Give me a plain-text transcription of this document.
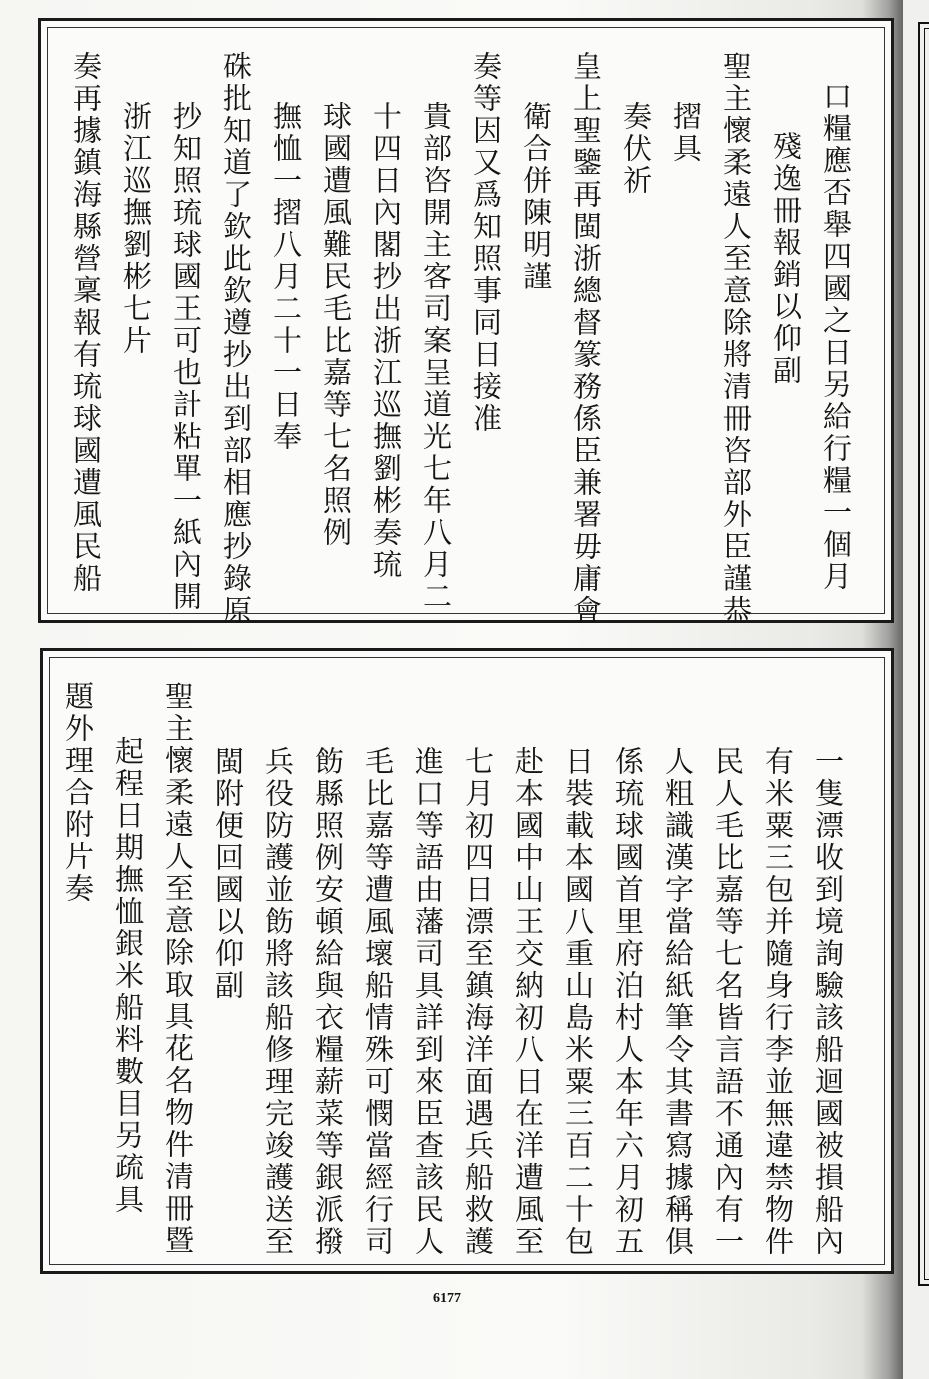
口糧應否舉四國之日另給行糧一個月
殘逸冊報銷以仰副
聖主懷柔遠人至意除將清冊咨部外臣謹恭
摺具
奏伏祈
皇上聖鑒再閩浙總督篆務係臣兼署毋庸會
衛合併陳明謹
奏等因又爲知照事同日接准
貴部咨開主客司案呈道光七年八月二
十四日內閣抄出浙江巡撫劉彬奏琉
球國遭風難民毛比嘉等七名照例
撫恤一摺八月二十一日奉
硃批知道了欽此欽遵抄出到部相應抄錄原
抄知照琉球國王可也計粘單一紙內開
浙江巡撫劉彬七片
奏再據鎮海縣營稟報有琉球國遭風民船
一隻漂收到境詢驗該船迴國被損船內
有米粟三包并隨身行李並無違禁物件
民人毛比嘉等七名皆言語不通內有一
人粗識漢字當給紙筆令其書寫據稱俱
係琉球國首里府泊村人本年六月初五
日裝載本國八重山島米粟三百二十包
赴本國中山王交納初八日在洋遭風至
七月初四日漂至鎮海洋面遇兵船救護
進口等語由藩司具詳到來臣查該民人
毛比嘉等遭風壞船情殊可憫當經行司
飭縣照例安頓給與衣糧薪菜等銀派撥
兵役防護並飭將該船修理完竣護送至
閩附便回國以仰副
聖主懷柔遠人至意除取具花名物件清冊暨
起程日期撫恤銀米船料數目另疏具
題外理合附片奏
6177
